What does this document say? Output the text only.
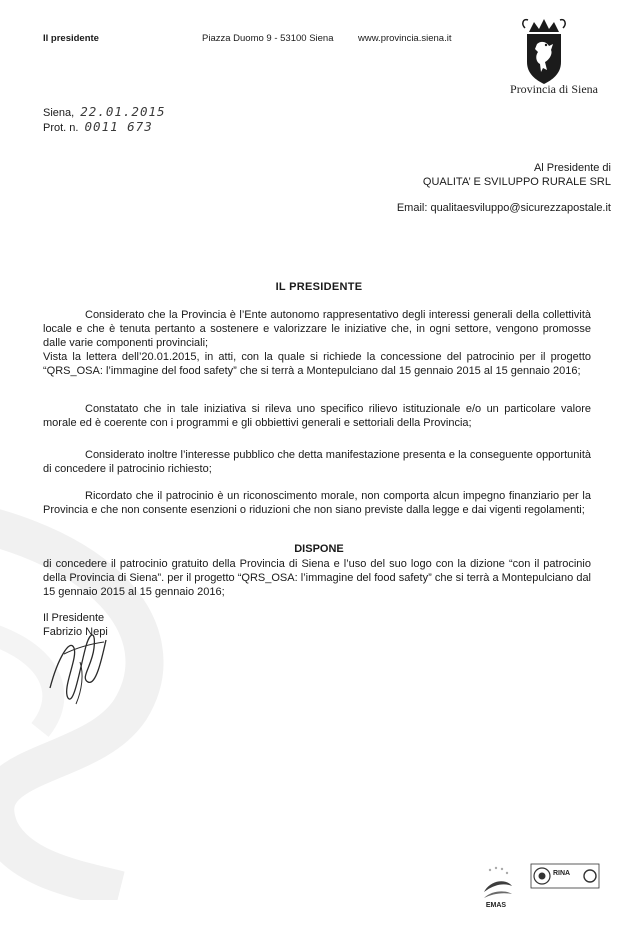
Il presidente	Piazza Duomo 9 - 53100 Siena	www.provincia.siena.it
Provincia di Siena
Siena, 22.01.2015
Prot. n. 0011 673
Al Presidente di
QUALITA’ E SVILUPPO RURALE SRL
Email: qualitaesviluppo@sicurezzapostale.it
IL PRESIDENTE

Considerato che la Provincia è l’Ente autonomo rappresentativo degli interessi generali della collettività locale e che è tenuta pertanto a sostenere e valorizzare le iniziative che, in ogni settore, vengono promosse dalle varie componenti provinciali;

Vista la lettera dell’20.01.2015, in atti, con la quale si richiede la concessione del patrocinio per il progetto “QRS_OSA: l’immagine del food safety” che si terrà a Montepulciano dal 15 gennaio 2015 al 15 gennaio 2016;

Constatato che in tale iniziativa si rileva uno specifico rilievo istituzionale e/o un particolare valore morale ed è coerente con i programmi e gli obbiettivi generali e settoriali della Provincia;

Considerato inoltre l’interesse pubblico che detta manifestazione presenta e la conseguente opportunità di concedere il patrocinio richiesto;

Ricordato che il patrocinio è un riconoscimento morale, non comporta alcun impegno finanziario per la Provincia e che non consente esenzioni o riduzioni che non siano previste dalla legge e dai vigenti regolamenti;

DISPONE

di concedere il patrocinio gratuito della Provincia di Siena e l’uso del suo logo con la dizione “con il patrocinio della Provincia di Siena”. per il progetto “QRS_OSA: l’immagine del food safety” che si terrà a Montepulciano dal 15 gennaio 2015 al 15 gennaio 2016;

Il Presidente
Fabrizio Nepi
EMAS
RINA
